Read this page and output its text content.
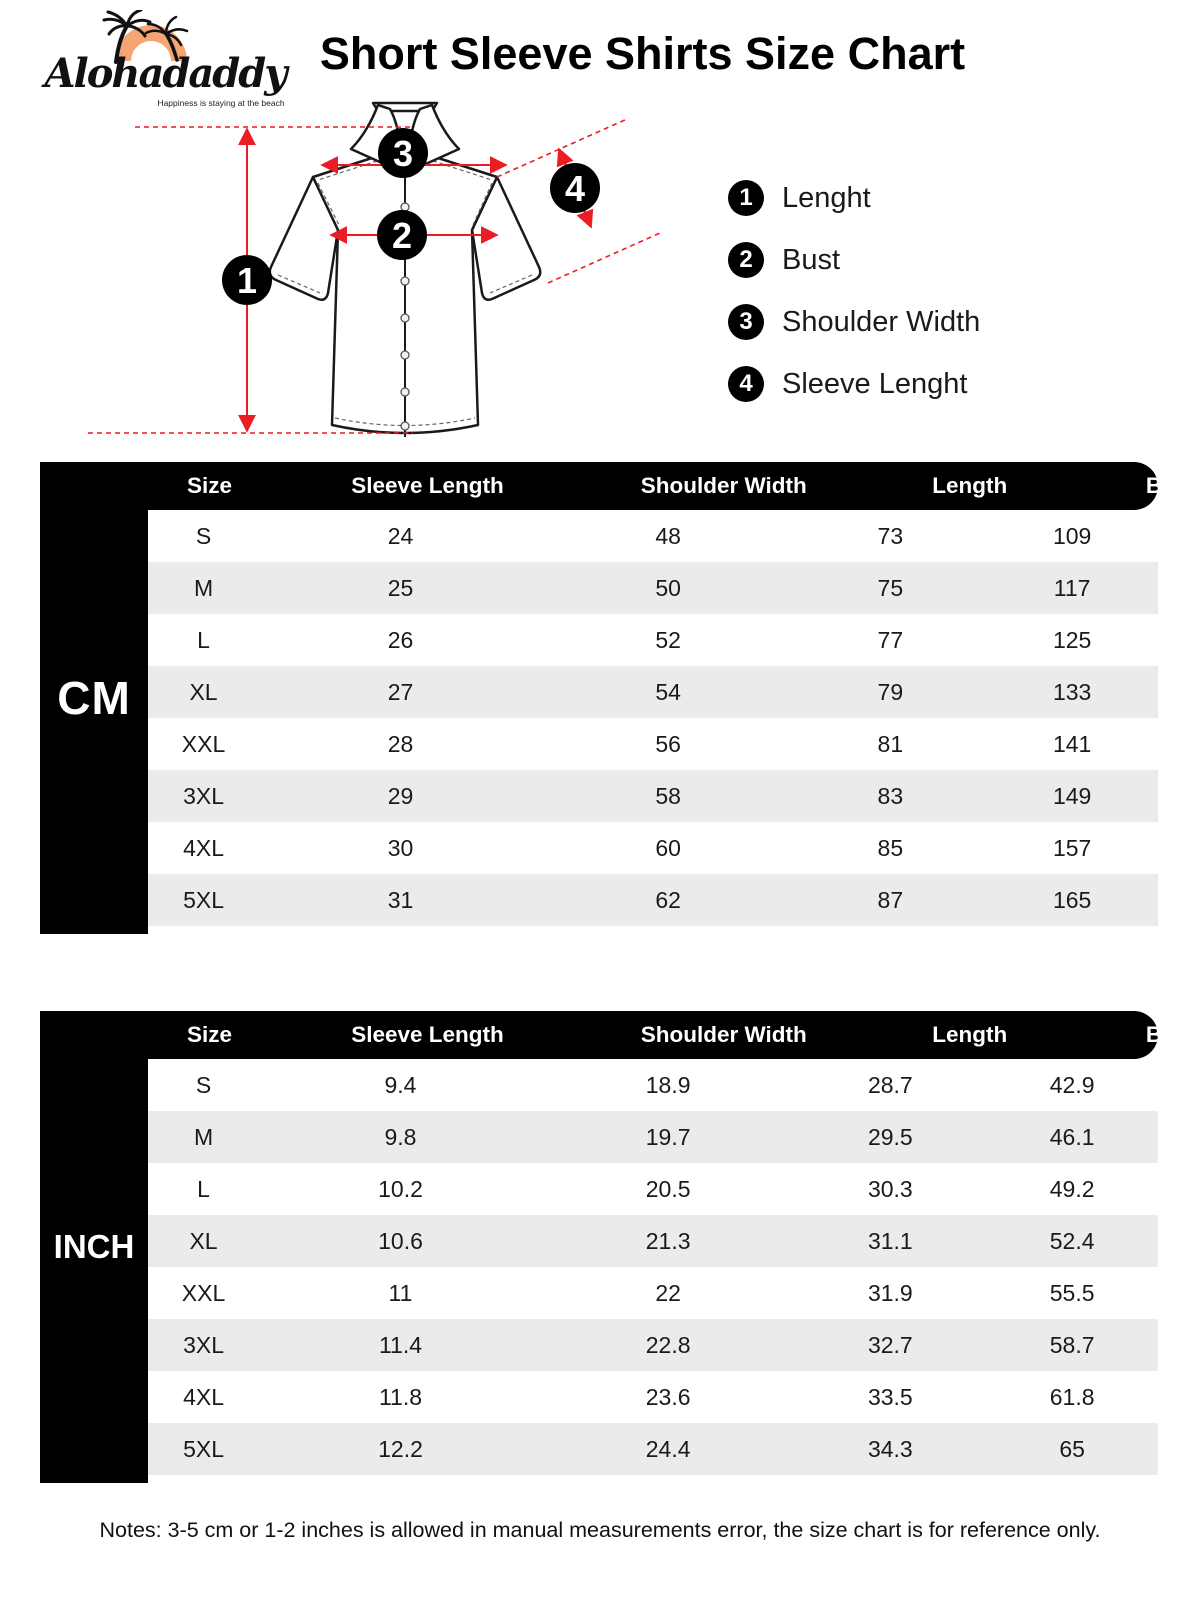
Alohadaddy
Happiness is staying at the beach
Short Sleeve Shirts Size Chart
1
2
3
4	1	Lenght
2	Bust
3	Shoulder Width
4	Sleeve Lenght
CM
Size	Sleeve Length	Shoulder Width	Length	Bust
S	24	48	73	109
M	25	50	75	117
L	26	52	77	125
XL	27	54	79	133
XXL	28	56	81	141
3XL	29	58	83	149
4XL	30	60	85	157
5XL	31	62	87	165
INCH
Size	Sleeve Length	Shoulder Width	Length	Bust
S	9.4	18.9	28.7	42.9
M	9.8	19.7	29.5	46.1
L	10.2	20.5	30.3	49.2
XL	10.6	21.3	31.1	52.4
XXL	11	22	31.9	55.5
3XL	11.4	22.8	32.7	58.7
4XL	11.8	23.6	33.5	61.8
5XL	12.2	24.4	34.3	65
Notes: 3-5 cm or 1-2 inches is allowed in manual measurements error, the size chart is for reference only.
